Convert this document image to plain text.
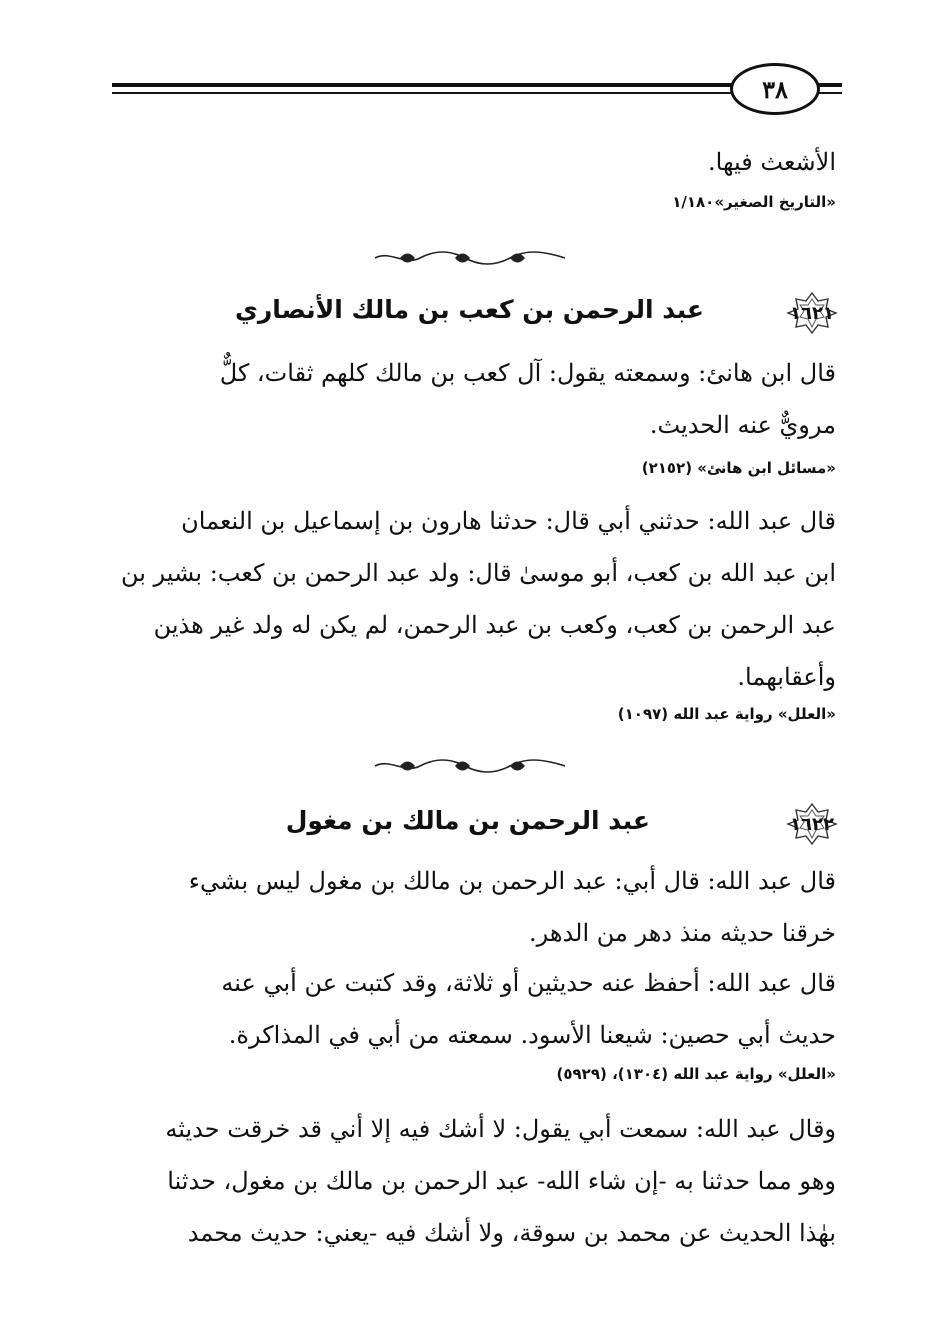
٣٨
الأشعث فيها.
«التاريخ الصغير»١/١٨٠
١٦٢١
عبد الرحمن بن كعب بن مالك الأنصاري
قال ابن هانئ: وسمعته يقول: آل كعب بن مالك كلهم ثقات، كلٌّ
مرويٌّ عنه الحديث.
«مسائل ابن هانئ» (٢١٥٢)
قال عبد الله: حدثني أبي قال: حدثنا هارون بن إسماعيل بن النعمان
ابن عبد الله بن كعب، أبو موسىٰ قال: ولد عبد الرحمن بن كعب: بشير بن
عبد الرحمن بن كعب، وكعب بن عبد الرحمن، لم يكن له ولد غير هذين
وأعقابهما.
«العلل» رواية عبد الله (١٠٩٧)
١٦٢٢
عبد الرحمن بن مالك بن مغول
قال عبد الله: قال أبي: عبد الرحمن بن مالك بن مغول ليس بشيء
خرقنا حديثه منذ دهر من الدهر.
قال عبد الله: أحفظ عنه حديثين أو ثلاثة، وقد كتبت عن أبي عنه
حديث أبي حصين: شيعنا الأسود. سمعته من أبي في المذاكرة.
«العلل» رواية عبد الله (١٣٠٤)، (٥٩٢٩)
وقال عبد الله: سمعت أبي يقول: لا أشك فيه إلا أني قد خرقت حديثه
وهو مما حدثنا به -إن شاء الله- عبد الرحمن بن مالك بن مغول، حدثنا
بهٰذا الحديث عن محمد بن سوقة، ولا أشك فيه -يعني: حديث محمد
